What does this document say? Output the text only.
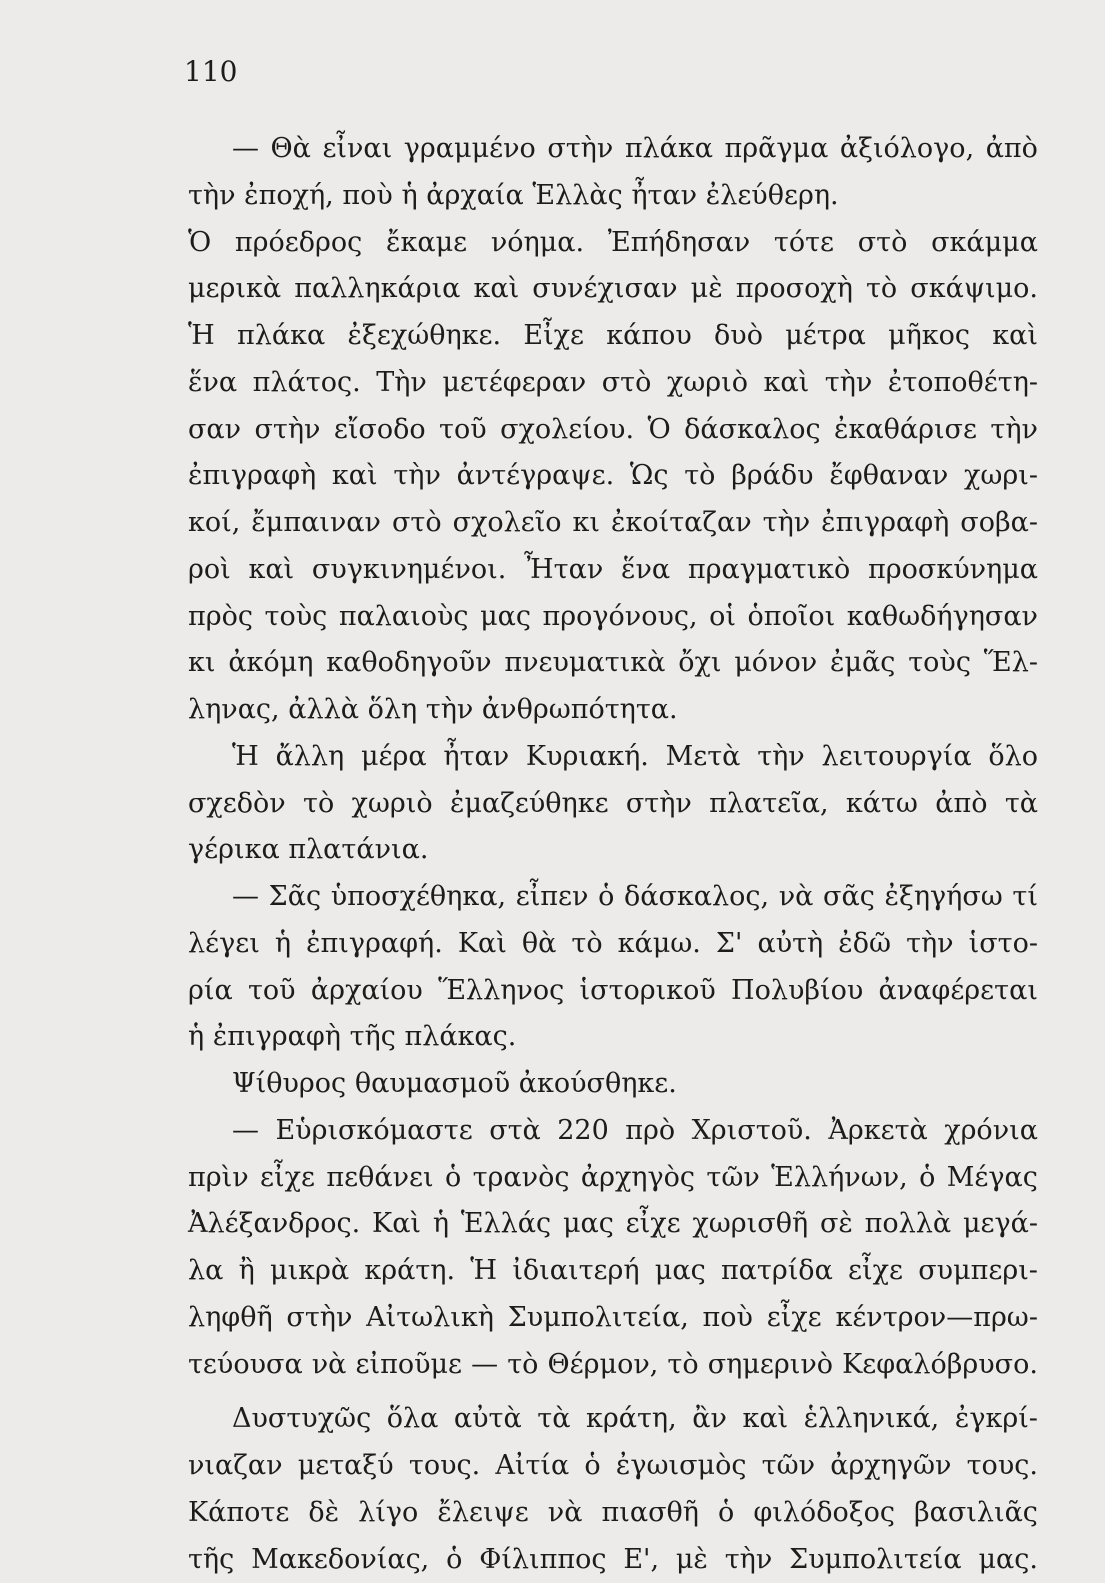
110
— Θὰ εἶναι γραμμένο στὴν πλάκα πρᾶγμα ἀξιόλογο, ἀπὸ
τὴν ἐποχή, ποὺ ἡ ἀρχαία Ἑλλὰς ἦταν ἐλεύθερη.
Ὁ πρόεδρος ἔκαμε νόημα. Ἐπήδησαν τότε στὸ σκάμμα
μερικὰ παλληκάρια καὶ συνέχισαν μὲ προσοχὴ τὸ σκάψιμο.
Ἡ πλάκα ἐξεχώθηκε. Εἶχε κάπου δυὸ μέτρα μῆκος καὶ
ἕνα πλάτος. Τὴν μετέφεραν στὸ χωριὸ καὶ τὴν ἐτοποθέτη-
σαν στὴν εἴσοδο τοῦ σχολείου. Ὁ δάσκαλος ἐκαθάρισε τὴν
ἐπιγραφὴ καὶ τὴν ἀντέγραψε. Ὡς τὸ βράδυ ἔφθαναν χωρι-
κοί, ἔμπαιναν στὸ σχολεῖο κι ἐκοίταζαν τὴν ἐπιγραφὴ σοβα-
ροὶ καὶ συγκινημένοι. Ἦταν ἕνα πραγματικὸ προσκύνημα
πρὸς τοὺς παλαιοὺς μας προγόνους, οἱ ὁποῖοι καθωδήγησαν
κι ἀκόμη καθοδηγοῦν πνευματικὰ ὄχι μόνον ἐμᾶς τοὺς Ἕλ-
ληνας, ἀλλὰ ὅλη τὴν ἀνθρωπότητα.
Ἡ ἄλλη μέρα ἦταν Κυριακή. Μετὰ τὴν λειτουργία ὅλο
σχεδὸν τὸ χωριὸ ἐμαζεύθηκε στὴν πλατεῖα, κάτω ἀπὸ τὰ
γέρικα πλατάνια.
— Σᾶς ὑποσχέθηκα, εἶπεν ὁ δάσκαλος, νὰ σᾶς ἐξηγήσω τί
λέγει ἡ ἐπιγραφή. Καὶ θὰ τὸ κάμω. Σ' αὐτὴ ἐδῶ τὴν ἱστο-
ρία τοῦ ἀρχαίου Ἕλληνος ἱστορικοῦ Πολυβίου ἀναφέρεται
ἡ ἐπιγραφὴ τῆς πλάκας.
Ψίθυρος θαυμασμοῦ ἀκούσθηκε.
— Εὑρισκόμαστε στὰ 220 πρὸ Χριστοῦ. Ἀρκετὰ χρόνια
πρὶν εἶχε πεθάνει ὁ τρανὸς ἀρχηγὸς τῶν Ἑλλήνων, ὁ Μέγας
Ἀλέξανδρος. Καὶ ἡ Ἑλλάς μας εἶχε χωρισθῆ σὲ πολλὰ μεγά-
λα ἢ μικρὰ κράτη. Ἡ ἰδιαιτερή μας πατρίδα εἶχε συμπερι-
ληφθῆ στὴν Αἰτωλικὴ Συμπολιτεία, ποὺ εἶχε κέντρον—πρω-
τεύουσα νὰ εἰποῦμε — τὸ Θέρμον, τὸ σημερινὸ Κεφαλόβρυσο.
Δυστυχῶς ὅλα αὐτὰ τὰ κράτη, ἂν καὶ ἑλληνικά, ἐγκρί-
νιαζαν μεταξύ τους. Αἰτία ὁ ἐγωισμὸς τῶν ἀρχηγῶν τους.
Κάποτε δὲ λίγο ἔλειψε νὰ πιασθῆ ὁ φιλόδοξος βασιλιᾶς
τῆς Μακεδονίας, ὁ Φίλιππος Ε', μὲ τὴν Συμπολιτεία μας.
